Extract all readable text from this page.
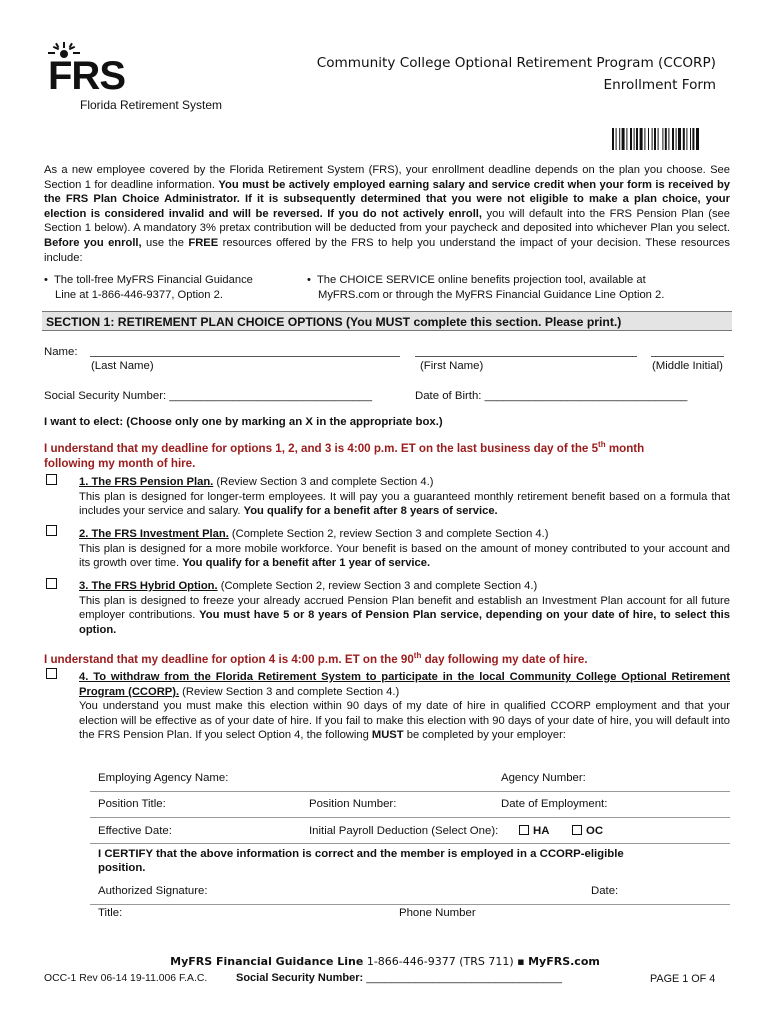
FRS
Florida Retirement System
Community College Optional Retirement Program (CCORP)
Enrollment Form
As a new employee covered by the Florida Retirement System (FRS), your enrollment deadline depends on the plan you choose. See Section 1 for deadline information. You must be actively employed earning salary and service credit when your form is received by the FRS Plan Choice Administrator. If it is subsequently determined that you were not eligible to make a plan choice, your election is considered invalid and will be reversed. If you do not actively enroll, you will default into the FRS Pension Plan (see Section 1 below). A mandatory 3% pretax contribution will be deducted from your paycheck and deposited into whichever Plan you select. Before you enroll, use the FREE resources offered by the FRS to help you understand the impact of your decision. These resources include:
•  The toll-free MyFRS Financial Guidance
Line at 1-866-446-9377, Option 2.
•  The CHOICE SERVICE online benefits projection tool, available at
MyFRS.com or through the MyFRS Financial Guidance Line Option 2.
SECTION 1: RETIREMENT PLAN CHOICE OPTIONS (You MUST complete this section. Please print.)
Name:
(Last Name)	(First Name)	(Middle Initial)
Social Security Number: ________________________________	Date of Birth: ________________________________
I want to elect: (Choose only one by marking an X in the appropriate box.)
I understand that my deadline for options 1, 2, and 3 is 4:00 p.m. ET on the last business day of the 5th month
following my month of hire.
1. The FRS Pension Plan. (Review Section 3 and complete Section 4.)
This plan is designed for longer-term employees. It will pay you a guaranteed monthly retirement benefit based on a formula that includes your service and salary. You qualify for a benefit after 8 years of service.
2. The FRS Investment Plan. (Complete Section 2, review Section 3 and complete Section 4.)
This plan is designed for a more mobile workforce. Your benefit is based on the amount of money contributed to your account and its growth over time. You qualify for a benefit after 1 year of service.
3. The FRS Hybrid Option. (Complete Section 2, review Section 3 and complete Section 4.)
This plan is designed to freeze your already accrued Pension Plan benefit and establish an Investment Plan account for all future employer contributions. You must have 5 or 8 years of Pension Plan service, depending on your date of hire, to select this option.
I understand that my deadline for option 4 is 4:00 p.m. ET on the 90th day following my date of hire.
4. To withdraw from the Florida Retirement System to participate in the local Community College Optional Retirement Program (CCORP). (Review Section 3 and complete Section 4.)
You understand you must make this election within 90 days of my date of hire in qualified CCORP employment and that your election will be effective as of your date of hire. If you fail to make this election with 90 days of your date of hire, you will default into the FRS Pension Plan. If you select Option 4, the following MUST be completed by your employer:
Employing Agency Name:	Agency Number:
Position Title:	Position Number:	Date of Employment:
Effective Date:	Initial Payroll Deduction (Select One):	HA	OC
I CERTIFY that the above information is correct and the member is employed in a CCORP-eligible position.
Authorized Signature:	Date:
Title:	Phone Number
MyFRS Financial Guidance Line 1-866-446-9377 (TRS 711) ▪ MyFRS.com
OCC-1 Rev 06-14 19-11.006 F.A.C.	Social Security Number: ________________________________	PAGE 1 OF 4
